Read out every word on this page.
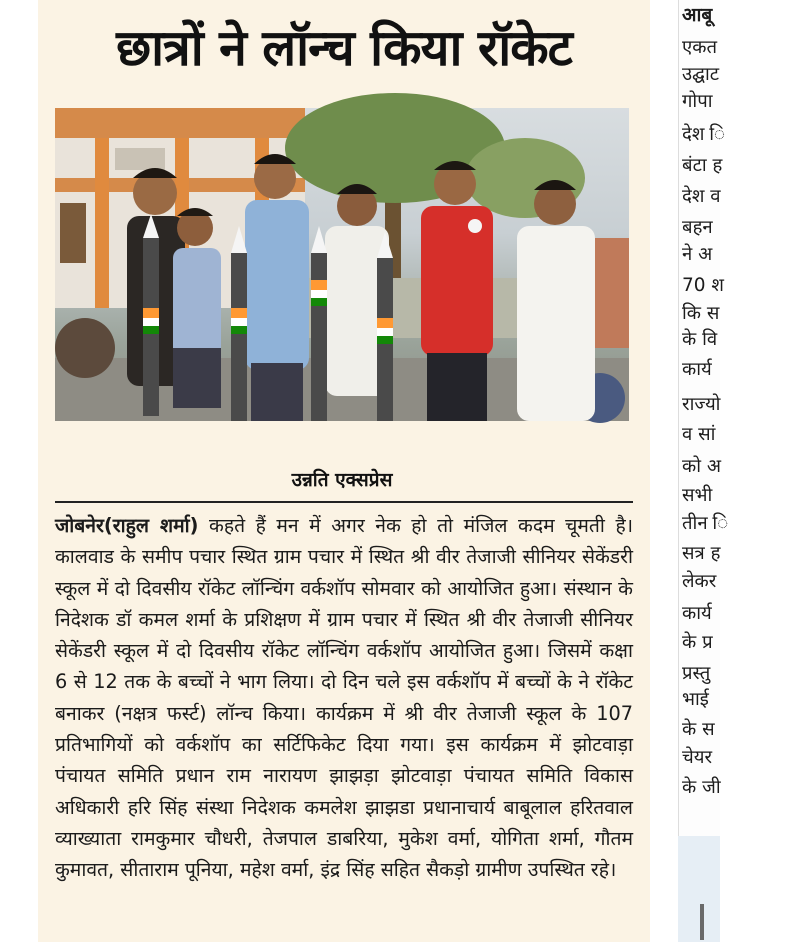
छात्रों ने लॉन्च किया रॉकेट
उन्नति एक्सप्रेस
जोबनेर(राहुल शर्मा) कहते हैं मन में अगर नेक हो तो मंजिल कदम चूमती है। कालवाड के समीप पचार स्थित ग्राम पचार में स्थित श्री वीर तेजाजी सीनियर सेकेंडरी स्कूल में दो दिवसीय रॉकेट लॉन्चिंग वर्कशॉप सोमवार को आयोजित हुआ। संस्थान के निदेशक डॉ कमल शर्मा के प्रशिक्षण में ग्राम पचार में स्थित श्री वीर तेजाजी सीनियर सेकेंडरी स्कूल में दो दिवसीय रॉकेट लॉन्चिंग वर्कशॉप आयोजित हुआ। जिसमें कक्षा 6 से 12 तक के बच्चों ने भाग लिया। दो दिन चले इस वर्कशॉप में बच्चों के ने रॉकेट बनाकर (नक्षत्र फर्स्ट) लॉन्च किया। कार्यक्रम में श्री वीर तेजाजी स्कूल के 107 प्रतिभागियों को वर्कशॉप का सर्टिफिकेट दिया गया। इस कार्यक्रम में झोटवाड़ा पंचायत समिति प्रधान राम नारायण झाझड़ा झोटवाड़ा पंचायत समिति विकास अधिकारी हरि सिंह संस्था निदेशक कमलेश झाझडा प्रधानाचार्य बाबूलाल हरितवाल व्याख्याता रामकुमार चौधरी, तेजपाल डाबरिया, मुकेश वर्मा, योगिता शर्मा, गौतम कुमावत, सीताराम पूनिया, महेश वर्मा, इंद्र सिंह सहित सैकड़ो ग्रामीण उपस्थित रहे।
आबू
एकत
उद्घाट
गोपा
देश ि
बंटा ह
देश व
बहन
ने अ
70 श
कि स
के वि
कार्य
राज्यो
व सां
को अ
सभी
तीन ि
सत्र ह
लेकर
कार्य
के प्र
प्रस्तु
भाई
के स
चेयर
के जी
